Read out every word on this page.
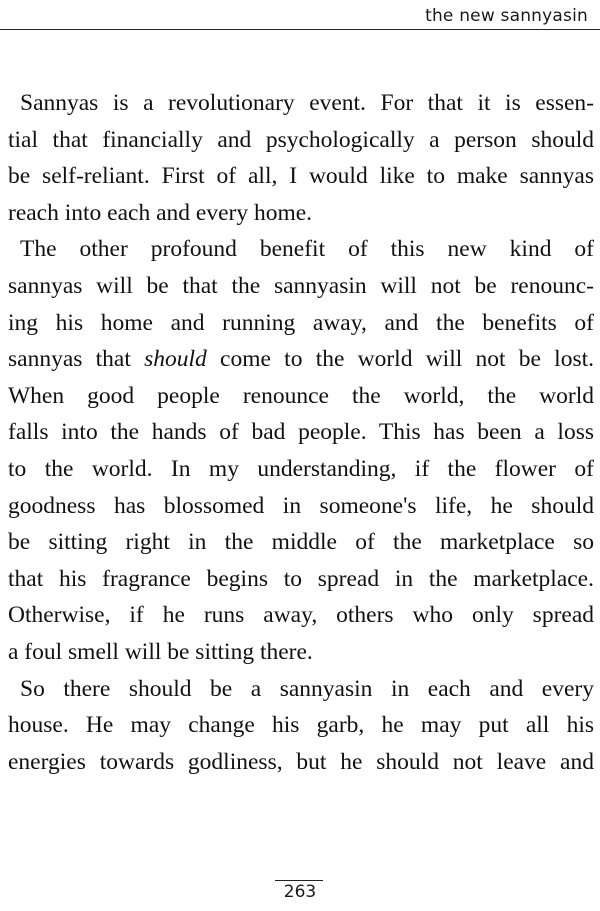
the new sannyasin

Sannyas is a revolutionary event. For that it is essen-
tial that financially and psychologically a person should
be self-reliant. First of all, I would like to make sannyas
reach into each and every home.

The other profound benefit of this new kind of
sannyas will be that the sannyasin will not be renounc-
ing his home and running away, and the benefits of
sannyas that should come to the world will not be lost.
When good people renounce the world, the world
falls into the hands of bad people. This has been a loss
to the world. In my understanding, if the flower of
goodness has blossomed in someone's life, he should
be sitting right in the middle of the marketplace so
that his fragrance begins to spread in the marketplace.
Otherwise, if he runs away, others who only spread
a foul smell will be sitting there.

So there should be a sannyasin in each and every
house. He may change his garb, he may put all his
energies towards godliness, but he should not leave and

263
